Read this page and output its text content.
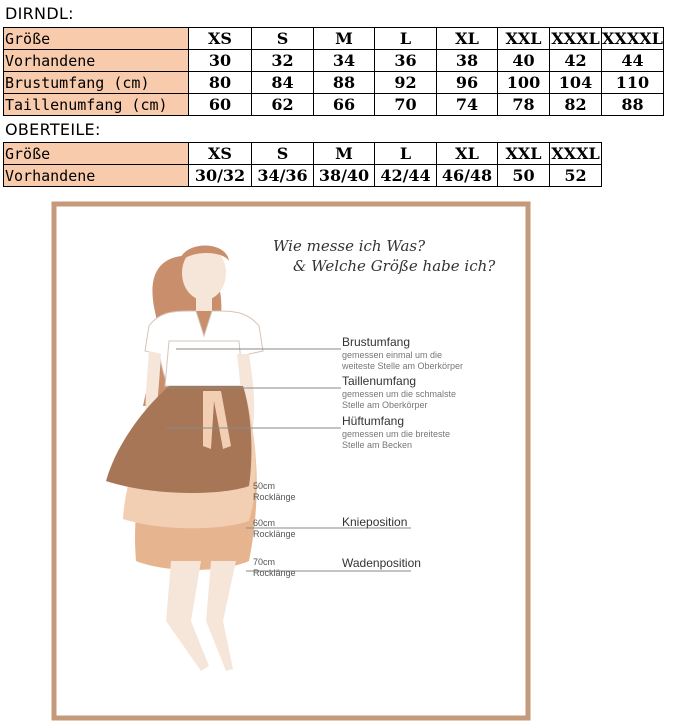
DIRNDL:
Größe	XS	S	M	L	XL	XXL	XXXL	XXXXL
Vorhandene	30	32	34	36	38	40	42	44
Brustumfang (cm)	80	84	88	92	96	100	104	110
Taillenumfang (cm)	60	62	66	70	74	78	82	88
OBERTEILE:
Größe	XS	S	M	L	XL	XXL	XXXL
Vorhandene	30/32	34/36	38/40	42/44	46/48	50	52
Wie messe ich Was?
& Welche Größe habe ich?
Brustumfang
gemessen einmal um die
weiteste Stelle am Oberkörper
Taillenumfang
gemessen um die schmalste
Stelle am Oberkörper
Hüftumfang
gemessen um die breiteste
Stelle am Becken
50cm
Rocklänge
60cm
Rocklänge
Knieposition
70cm
Rocklänge
Wadenposition
